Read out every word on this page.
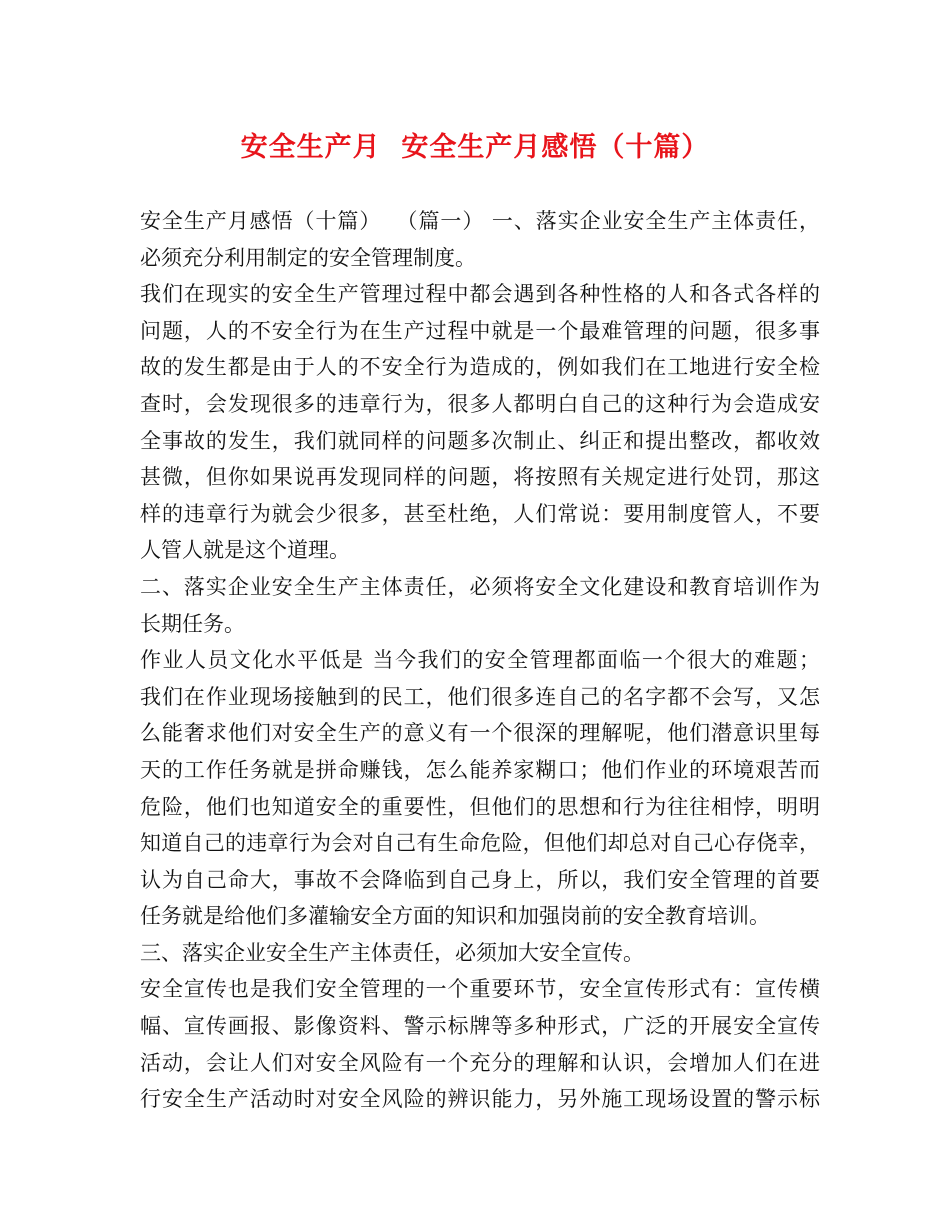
安全生产月  安全生产月感悟（十篇）
安全生产月感悟（十篇）  （篇一） 一、落实企业安全生产主体责任，
必须充分利用制定的安全管理制度。
我们在现实的安全生产管理过程中都会遇到各种性格的人和各式各样的
问题，人的不安全行为在生产过程中就是一个最难管理的问题，很多事
故的发生都是由于人的不安全行为造成的，例如我们在工地进行安全检
查时，会发现很多的违章行为，很多人都明白自己的这种行为会造成安
全事故的发生，我们就同样的问题多次制止、纠正和提出整改，都收效
甚微，但你如果说再发现同样的问题，将按照有关规定进行处罚，那这
样的违章行为就会少很多，甚至杜绝，人们常说：要用制度管人，不要
人管人就是这个道理。
二、落实企业安全生产主体责任，必须将安全文化建设和教育培训作为
长期任务。
作业人员文化水平低是 当今我们的安全管理都面临一个很大的难题；
我们在作业现场接触到的民工，他们很多连自己的名字都不会写，又怎
么能奢求他们对安全生产的意义有一个很深的理解呢，他们潜意识里每
天的工作任务就是拼命赚钱，怎么能养家糊口；他们作业的环境艰苦而
危险，他们也知道安全的重要性，但他们的思想和行为往往相悖，明明
知道自己的违章行为会对自己有生命危险，但他们却总对自己心存侥幸，
认为自己命大，事故不会降临到自己身上，所以，我们安全管理的首要
任务就是给他们多灌输安全方面的知识和加强岗前的安全教育培训。
三、落实企业安全生产主体责任，必须加大安全宣传。
安全宣传也是我们安全管理的一个重要环节，安全宣传形式有：宣传横
幅、宣传画报、影像资料、警示标牌等多种形式，广泛的开展安全宣传
活动，会让人们对安全风险有一个充分的理解和认识，会增加人们在进
行安全生产活动时对安全风险的辨识能力，另外施工现场设置的警示标
